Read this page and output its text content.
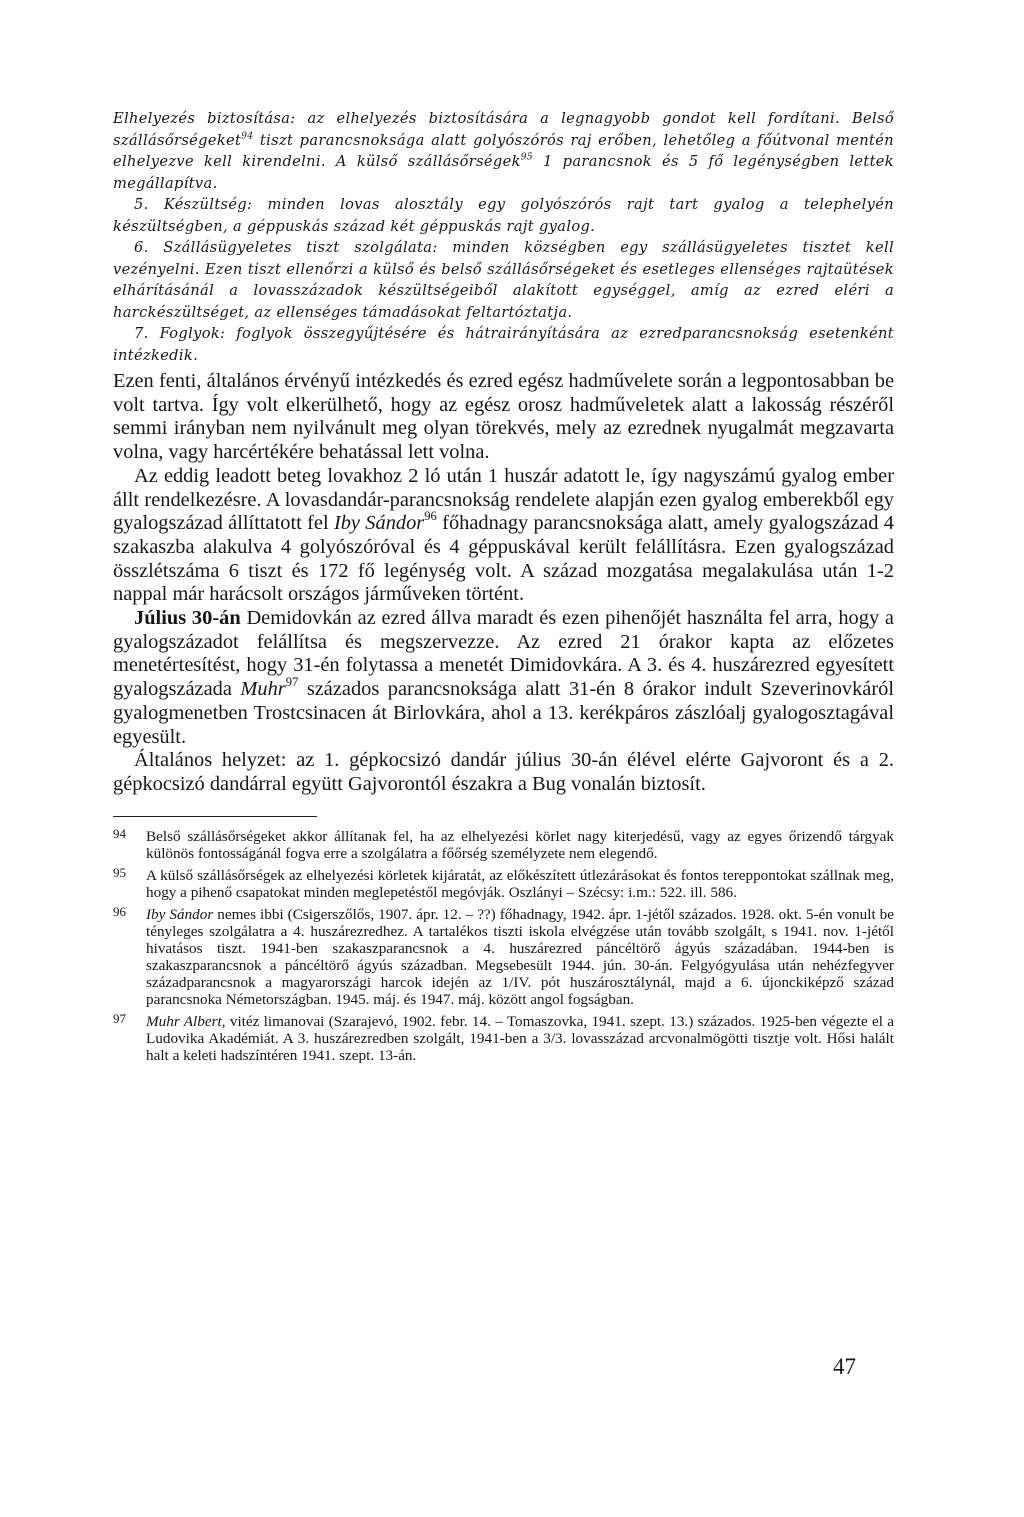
Elhelyezés biztosítása: az elhelyezés biztosítására a legnagyobb gondot kell fordítani. Belső szállásőrségeket$^{94}$ tiszt parancsnoksága alatt golyószórós raj erőben, lehetőleg a főútvonal mentén elhelyezve kell kirendelni. A külső szállásőrségek$^{95}$ 1 parancsnok és 5 fő legénységben lettek megállapítva.

5. Készültség: minden lovas alosztály egy golyószórós rajt tart gyalog a telephelyén készültségben, a géppuskás század két géppuskás rajt gyalog.

6. Szállásügyeletes tiszt szolgálata: minden községben egy szállásügyeletes tisztet kell vezényelni. Ezen tiszt ellenőrzi a külső és belső szállásőrségeket és esetleges ellenséges rajtaütések elhárításánál a lovasszázadok készültségeiből alakított egységgel, amíg az ezred eléri a harckészültséget, az ellenséges támadásokat feltartóztatja.

7. Foglyok: foglyok összegyűjtésére és hátrairányítására az ezredparancsnokság esetenként intézkedik.

Ezen fenti, általános érvényű intézkedés és ezred egész hadművelete során a legpontosabban be volt tartva. Így volt elkerülhető, hogy az egész orosz hadműveletek alatt a lakosság részéről semmi irányban nem nyilvánult meg olyan törekvés, mely az ezrednek nyugalmát megzavarta volna, vagy harcértékére behatással lett volna.

Az eddig leadott beteg lovakhoz 2 ló után 1 huszár adatott le, így nagyszámú gyalog ember állt rendelkezésre. A lovasdandár-parancsnokság rendelete alapján ezen gyalog emberekből egy gyalogszázad állíttatott fel Iby Sándor$^{96}$ főhadnagy parancsnoksága alatt, amely gyalogszázad 4 szakaszba alakulva 4 golyószóróval és 4 géppuskával került felállításra. Ezen gyalogszázad összlétszáma 6 tiszt és 172 fő legénység volt. A század mozgatása megalakulása után 1-2 nappal már harácsolt országos járműveken történt.

Július 30-án Demidovkán az ezred állva maradt és ezen pihenőjét használta fel arra, hogy a gyalogszázadot felállítsa és megszervezze. Az ezred 21 órakor kapta az előzetes menetértesítést, hogy 31-én folytassa a menetét Dimidovkára. A 3. és 4. huszárezred egyesített gyalogszázada Muhr$^{97}$ százados parancsnoksága alatt 31-én 8 órakor indult Szeverinovkáról gyalogmenetben Trostcsinacen át Birlovkára, ahol a 13. kerékpáros zászlóalj gyalogosztagával egyesült.

Általános helyzet: az 1. gépkocsizó dandár július 30-án élével elérte Gajvoront és a 2. gépkocsizó dandárral együtt Gajvorontól északra a Bug vonalán biztosít.

94 Belső szállásőrségeket akkor állítanak fel, ha az elhelyezési körlet nagy kiterjedésű, vagy az egyes őrizendő tárgyak különös fontosságánál fogva erre a szolgálatra a főőrség személyzete nem elegendő.
95 A külső szállásőrségek az elhelyezési körletek kijáratát, az előkészített útlezárásokat és fontos tereppontokat szállnak meg, hogy a pihenő csapatokat minden meglepetéstől megóvják. Oszlányi – Szécsy: i.m.: 522. ill. 586.
96 Iby Sándor nemes ibbi (Csigerszőlős, 1907. ápr. 12. – ??) főhadnagy, 1942. ápr. 1-jétől százados. 1928. okt. 5-én vonult be tényleges szolgálatra a 4. huszárezredhez. A tartalékos tiszti iskola elvégzése után tovább szolgált, s 1941. nov. 1-jétől hivatásos tiszt. 1941-ben szakaszparancsnok a 4. huszárezred páncéltörő ágyús századában. 1944-ben is szakaszparancsnok a páncéltörő ágyús században. Megsebesült 1944. jún. 30-án. Felgyógyulása után nehézfegyver századparancsnok a magyarországi harcok idején az 1/IV. pót huszárosztálynál, majd a 6. újonckiképző század parancsnoka Németországban. 1945. máj. és 1947. máj. között angol fogságban.
97 Muhr Albert, vitéz limanovai (Szarajevó, 1902. febr. 14. – Tomaszovka, 1941. szept. 13.) százados. 1925-ben végezte el a Ludovika Akadémiát. A 3. huszárezredben szolgált, 1941-ben a 3/3. lovasszázad arcvonalmögötti tisztje volt. Hősi halált halt a keleti hadszíntéren 1941. szept. 13-án.
47
